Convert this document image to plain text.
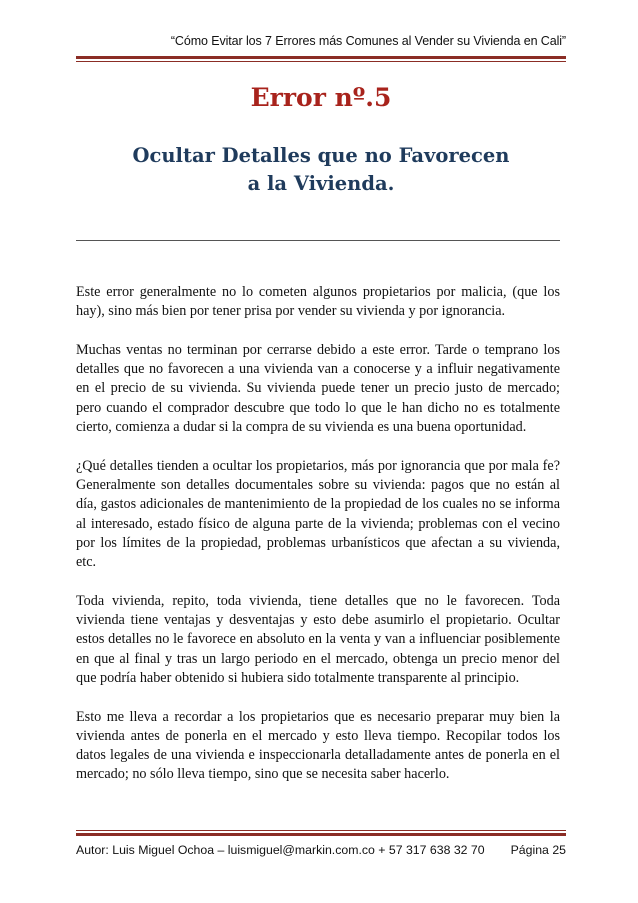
“Cómo Evitar los 7 Errores más Comunes al Vender su Vivienda en Cali”
Error nº.5
Ocultar Detalles que no Favorecen
a la Vivienda.

Este error generalmente no lo cometen algunos propietarios por malicia, (que los hay), sino más bien por tener prisa por vender su vivienda y por ignorancia.

Muchas ventas no terminan por cerrarse debido a este error. Tarde o temprano los detalles que no favorecen a una vivienda van a conocerse y a influir negativamente en el precio de su vivienda. Su vivienda puede tener un precio justo de mercado; pero cuando el comprador descubre que todo lo que le han dicho no es totalmente cierto, comienza a dudar si la compra de su vivienda es una buena oportunidad.

¿Qué detalles tienden a ocultar los propietarios, más por ignorancia que por mala fe? Generalmente son detalles documentales sobre su vivienda: pagos que no están al día, gastos adicionales de mantenimiento de la propiedad de los cuales no se informa al interesado, estado físico de alguna parte de la vivienda; problemas con el vecino por los límites de la propiedad, problemas urbanísticos que afectan a su vivienda, etc.

Toda vivienda, repito, toda vivienda, tiene detalles que no le favorecen. Toda vivienda tiene ventajas y desventajas y esto debe asumirlo el propietario. Ocultar estos detalles no le favorece en absoluto en la venta y van a influenciar posiblemente en que al final y tras un largo periodo en el mercado, obtenga un precio menor del que podría haber obtenido si hubiera sido totalmente transparente al principio.

Esto me lleva a recordar a los propietarios que es necesario preparar muy bien la vivienda antes de ponerla en el mercado y esto lleva tiempo. Recopilar todos los datos legales de una vivienda e inspeccionarla detalladamente antes de ponerla en el mercado; no sólo lleva tiempo, sino que se necesita saber hacerlo.

Autor: Luis Miguel Ochoa – luismiguel@markin.com.co + 57 317 638 32 70 Página 25
